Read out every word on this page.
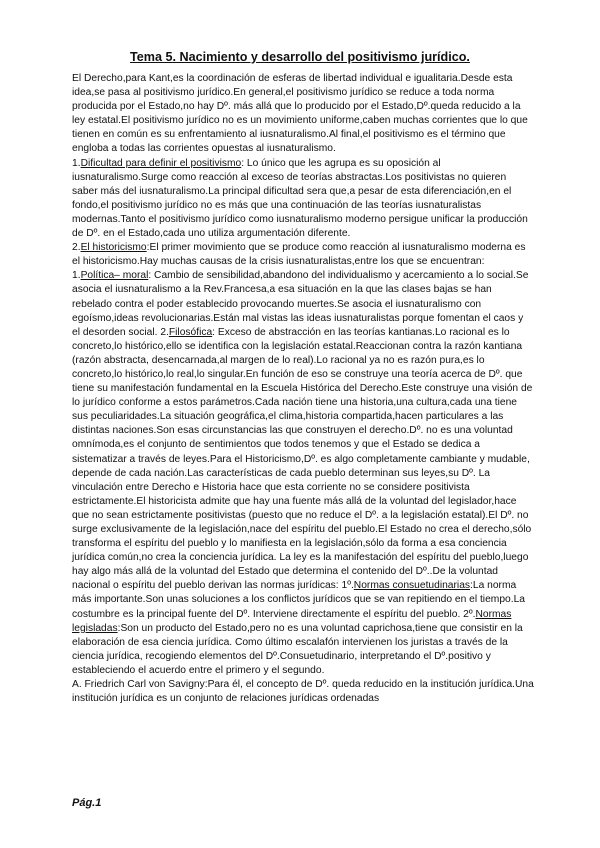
Tema 5. Nacimiento y desarrollo del positivismo jurídico.

El Derecho,para Kant,es la coordinación de esferas de libertad individual e igualitaria.Desde esta idea,se pasa al positivismo jurídico.En general,el positivismo jurídico se reduce a toda norma producida por el Estado,no hay Dº. más allá que lo producido por el Estado,Dº.queda reducido a la ley estatal.El positivismo jurídico no es un movimiento uniforme,caben muchas corrientes que lo que tienen en común es su enfrentamiento al iusnaturalismo.Al final,el positivismo es el término que engloba a todas las corrientes opuestas al iusnaturalismo.

1.Dificultad para definir el positivismo: Lo único que les agrupa es su oposición al iusnaturalismo.Surge como reacción al exceso de teorías abstractas.Los positivistas no quieren saber más del iusnaturalismo.La principal dificultad sera que,a pesar de esta diferenciación,en el fondo,el positivismo jurídico no es más que una continuación de las teorías iusnaturalistas modernas.Tanto el positivismo jurídico como iusnaturalismo moderno persigue unificar la producción de Dº. en el Estado,cada uno utiliza argumentación diferente.

2.El historicismo:El primer movimiento que se produce como reacción al iusnaturalismo moderna es el historicismo.Hay muchas causas de la crisis iusnaturalistas,entre los que se encuentran: 1.Política– moral: Cambio de sensibilidad,abandono del individualismo y acercamiento a lo social.Se asocia el iusnaturalismo a la Rev.Francesa,a esa situación en la que las clases bajas se han rebelado contra el poder establecido provocando muertes.Se asocia el iusnaturalismo con egoísmo,ideas revolucionarias.Están mal vistas las ideas iusnaturalistas porque fomentan el caos y el desorden social. 2.Filosófica: Exceso de abstracción en las teorías kantianas.Lo racional es lo concreto,lo histórico,ello se identifica con la legislación estatal.Reaccionan contra la razón kantiana (razón abstracta, desencarnada,al margen de lo real).Lo racional ya no es razón pura,es lo concreto,lo histórico,lo real,lo singular.En función de eso se construye una teoría acerca de Dº. que tiene su manifestación fundamental en la Escuela Histórica del Derecho.Este construye una visión de lo jurídico conforme a estos parámetros.Cada nación tiene una historia,una cultura,cada una tiene sus peculiaridades.La situación geográfica,el clima,historia compartida,hacen particulares a las distintas naciones.Son esas circunstancias las que construyen el derecho.Dº. no es una voluntad omnímoda,es el conjunto de sentimientos que todos tenemos y que el Estado se dedica a sistematizar a través de leyes.Para el Historicismo,Dº. es algo completamente cambiante y mudable, depende de cada nación.Las características de cada pueblo determinan sus leyes,su Dº. La vinculación entre Derecho e Historia hace que esta corriente no se considere positivista estrictamente.El historicista admite que hay una fuente más allá de la voluntad del legislador,hace que no sean estrictamente positivistas (puesto que no reduce el Dº. a la legislación estatal).El Dº. no surge exclusivamente de la legislación,nace del espíritu del pueblo.El Estado no crea el derecho,sólo transforma el espíritu del pueblo y lo manifiesta en la legislación,sólo da forma a esa conciencia jurídica común,no crea la conciencia jurídica. La ley es la manifestación del espíritu del pueblo,luego hay algo más allá de la voluntad del Estado que determina el contenido del Dº..De la voluntad nacional o espíritu del pueblo derivan las normas jurídicas: 1º.Normas consuetudinarias:La norma más importante.Son unas soluciones a los conflictos jurídicos que se van repitiendo en el tiempo.La costumbre es la principal fuente del Dº. Interviene directamente el espíritu del pueblo. 2º.Normas legisladas:Son un producto del Estado,pero no es una voluntad caprichosa,tiene que consistir en la elaboración de esa ciencia jurídica. Como último escalafón intervienen los juristas a través de la ciencia jurídica, recogiendo elementos del Dº.Consuetudinario, interpretando el Dº.positivo y estableciendo el acuerdo entre el primero y el segundo.

A. Friedrich Carl von Savigny:Para él, el concepto de Dº. queda reducido en la institución jurídica.Una institución jurídica es un conjunto de relaciones jurídicas ordenadas

Pág.1
